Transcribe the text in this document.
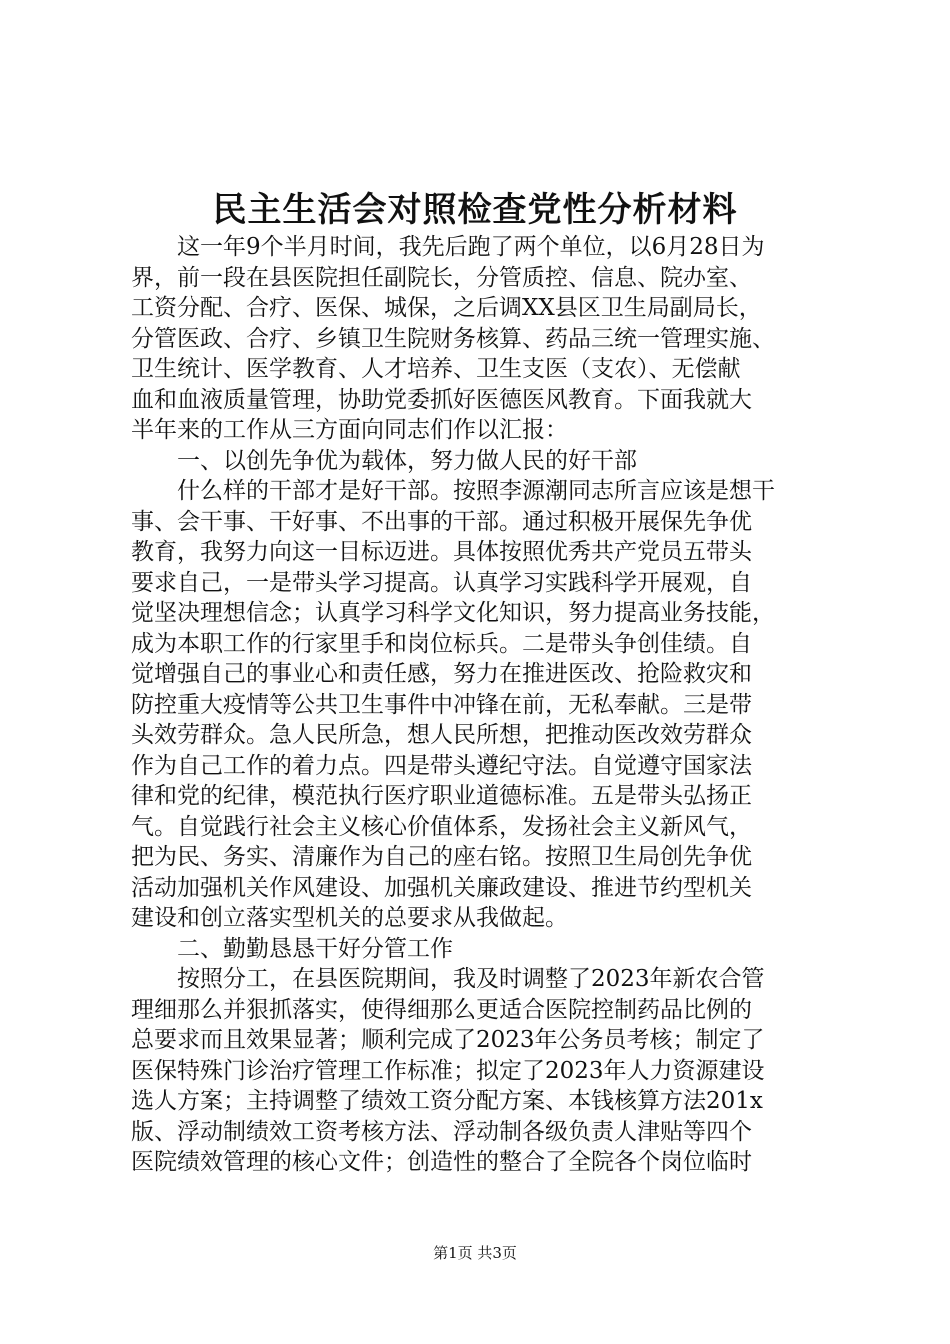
民主生活会对照检查党性分析材料
这一年9个半月时间，我先后跑了两个单位，以6月28日为
界，前一段在县医院担任副院长，分管质控、信息、院办室、
工资分配、合疗、医保、城保，之后调XX县区卫生局副局长，
分管医政、合疗、乡镇卫生院财务核算、药品三统一管理实施、
卫生统计、医学教育、人才培养、卫生支医（支农）、无偿献
血和血液质量管理，协助党委抓好医德医风教育。下面我就大
半年来的工作从三方面向同志们作以汇报：
一、以创先争优为载体，努力做人民的好干部
什么样的干部才是好干部。按照李源潮同志所言应该是想干
事、会干事、干好事、不出事的干部。通过积极开展保先争优
教育，我努力向这一目标迈进。具体按照优秀共产党员五带头
要求自己，一是带头学习提高。认真学习实践科学开展观，自
觉坚决理想信念；认真学习科学文化知识，努力提高业务技能，
成为本职工作的行家里手和岗位标兵。二是带头争创佳绩。自
觉增强自己的事业心和责任感，努力在推进医改、抢险救灾和
防控重大疫情等公共卫生事件中冲锋在前，无私奉献。三是带
头效劳群众。急人民所急，想人民所想，把推动医改效劳群众
作为自己工作的着力点。四是带头遵纪守法。自觉遵守国家法
律和党的纪律，模范执行医疗职业道德标准。五是带头弘扬正
气。自觉践行社会主义核心价值体系，发扬社会主义新风气，
把为民、务实、清廉作为自己的座右铭。按照卫生局创先争优
活动加强机关作风建设、加强机关廉政建设、推进节约型机关
建设和创立落实型机关的总要求从我做起。
二、勤勤恳恳干好分管工作
按照分工，在县医院期间，我及时调整了2023年新农合管
理细那么并狠抓落实，使得细那么更适合医院控制药品比例的
总要求而且效果显著；顺利完成了2023年公务员考核；制定了
医保特殊门诊治疗管理工作标准；拟定了2023年人力资源建设
选人方案；主持调整了绩效工资分配方案、本钱核算方法201x
版、浮动制绩效工资考核方法、浮动制各级负责人津贴等四个
医院绩效管理的核心文件；创造性的整合了全院各个岗位临时
第1页 共3页
